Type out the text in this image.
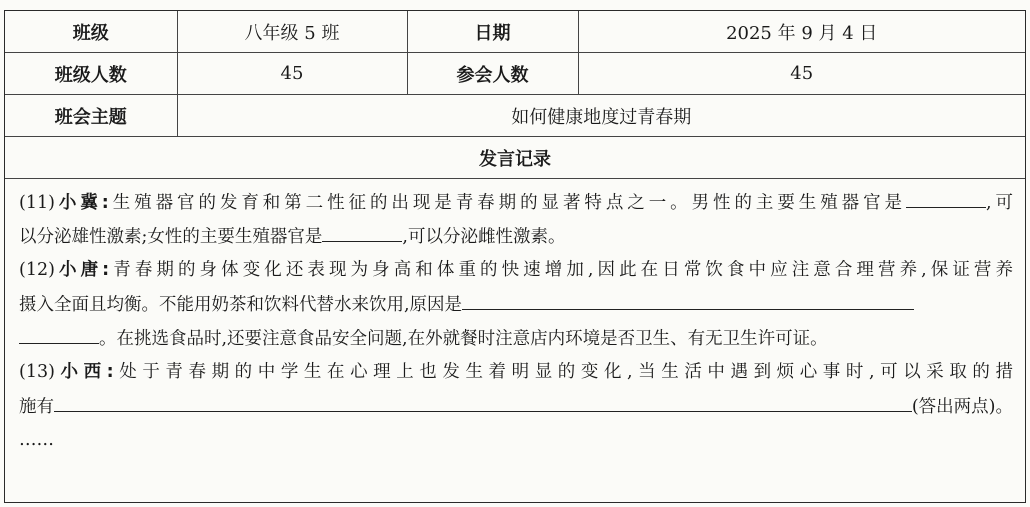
班级	八年级 5 班	日期	2025 年 9 月 4 日
班级人数	45	参会人数	45
班会主题	如何健康地度过青春期		
发言记录			
(11)小冀:生殖器官的发育和第二性征的出现是青春期的显著特点之一。男性的主要生殖器官是	,可
以分泌雄性激素;女性的主要生殖器官是	,可以分泌雌性激素。
(12)小唐:青春期的身体变化还表现为身高和体重的快速增加,因此在日常饮食中应注意合理营养,保证营养
摄入全面且均衡。不能用奶茶和饮料代替水来饮用,原因是
。在挑选食品时,还要注意食品安全问题,在外就餐时注意店内环境是否卫生、有无卫生许可证。
(13)小西:处于青春期的中学生在心理上也发生着明显的变化,当生活中遇到烦心事时,可以采取的措
施有	(答出两点)。
……
